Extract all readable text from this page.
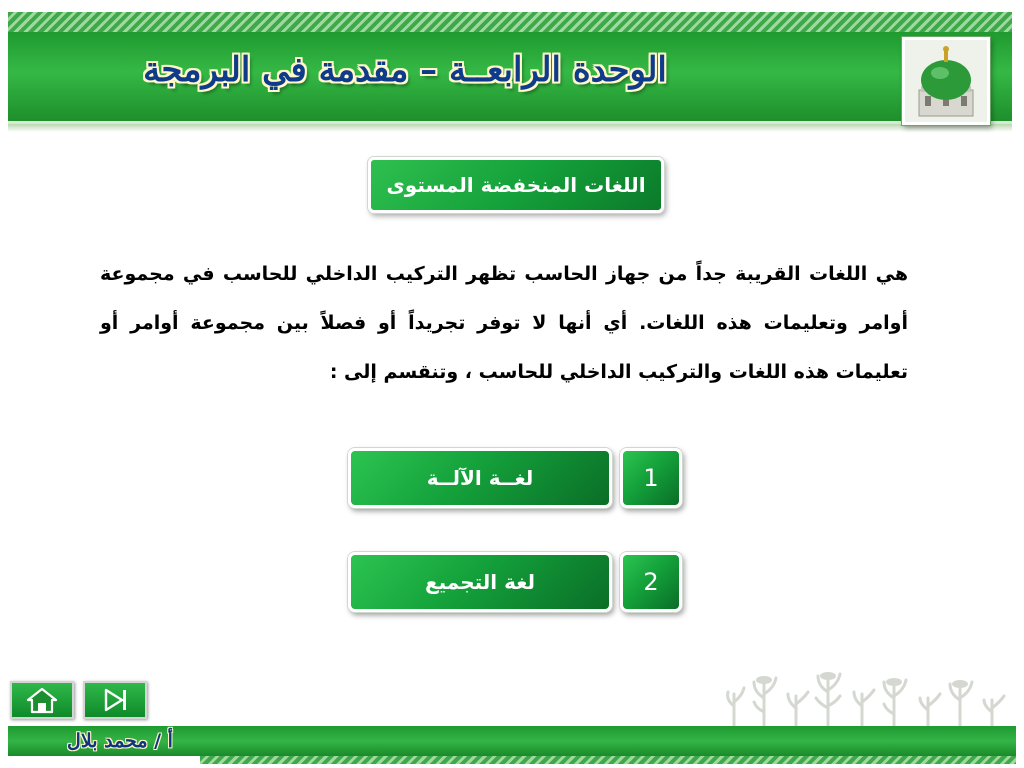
الوحدة الرابعــة – مقدمة في البرمجة
اللغات المنخفضة المستوى

هي اللغات القريبة جداً من جهاز الحاسب تظهر التركيب الداخلي للحاسب في مجموعة أوامر وتعليمات هذه اللغات. أي أنها لا توفر تجريداً أو فصلاً بين مجموعة أوامر أو تعليمات هذه اللغات والتركيب الداخلي للحاسب ، وتنقسم إلى :

لغــة الآلــة	1
لغة التجميع	2
أ / محمد بلال
